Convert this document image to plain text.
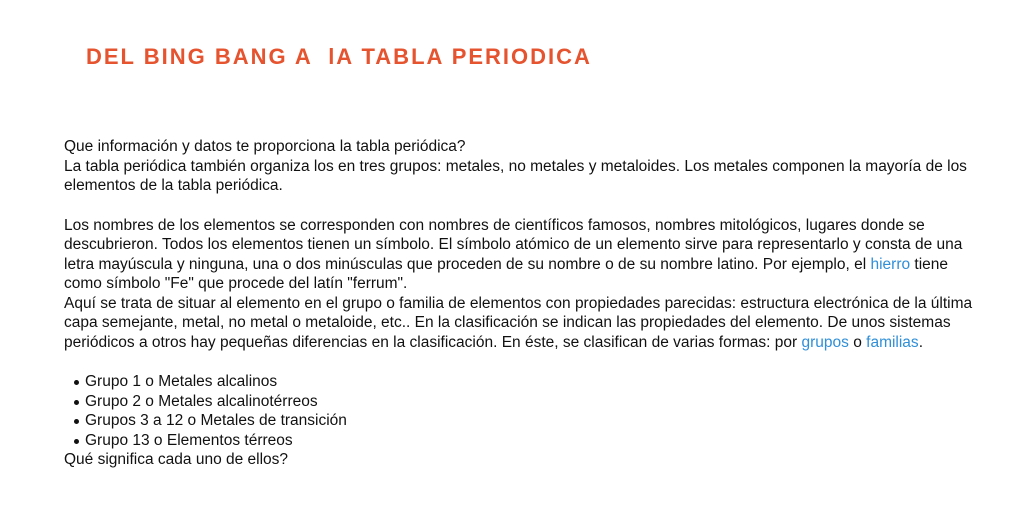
DEL BING BANG A  lA TABLA PERIODICA

Que información y datos te proporciona la tabla periódica?

La tabla periódica también organiza los en tres grupos: metales, no metales y metaloides. Los metales componen la mayoría de los elementos de la tabla periódica.

Los nombres de los elementos se corresponden con nombres de científicos famosos, nombres mitológicos, lugares donde se descubrieron. Todos los elementos tienen un símbolo. El símbolo atómico de un elemento sirve para representarlo y consta de una letra mayúscula y ninguna, una o dos minúsculas que proceden de su nombre o de su nombre latino. Por ejemplo, el hierro tiene como símbolo "Fe" que procede del latín "ferrum".

Aquí se trata de situar al elemento en el grupo o familia de elementos con propiedades parecidas: estructura electrónica de la última capa semejante, metal, no metal o metaloide, etc.. En la clasificación se indican las propiedades del elemento. De unos sistemas periódicos a otros hay pequeñas diferencias en la clasificación. En éste, se clasifican de varias formas: por grupos o familias.

Grupo 1 o Metales alcalinos
Grupo 2 o Metales alcalinotérreos
Grupos 3 a 12 o Metales de transición
Grupo 13 o Elementos térreos

Qué significa cada uno de ellos?
